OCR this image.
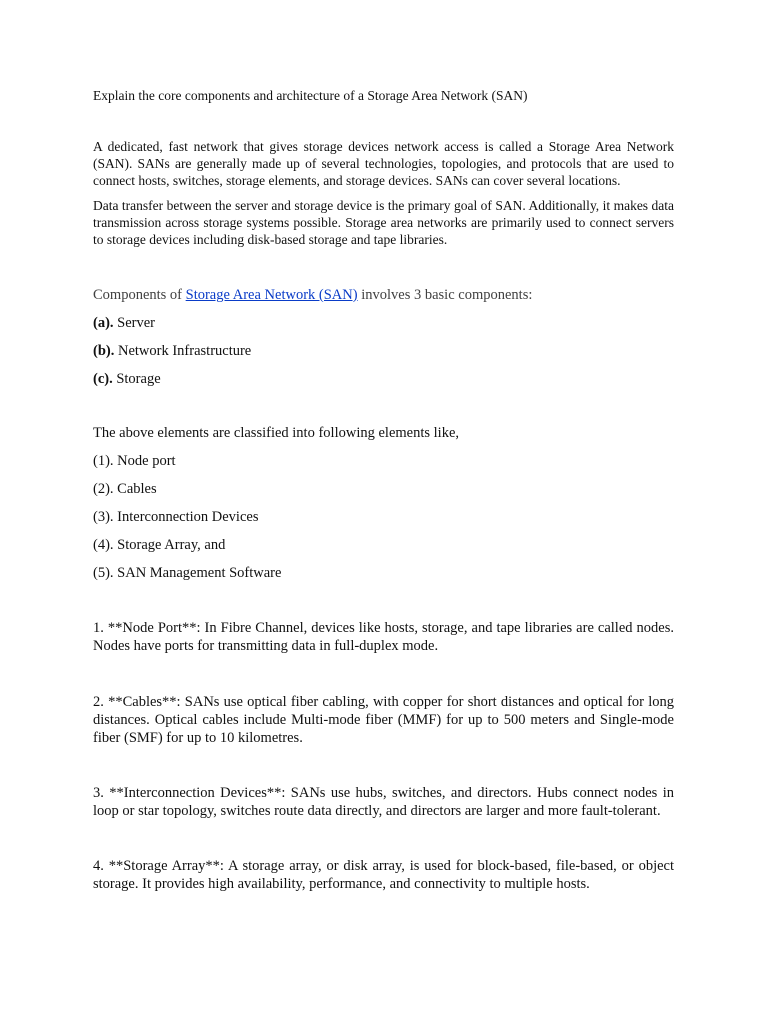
Explain the core components and architecture of a Storage Area Network (SAN)

A dedicated, fast network that gives storage devices network access is called a Storage Area Network (SAN). SANs are generally made up of several technologies, topologies, and protocols that are used to connect hosts, switches, storage elements, and storage devices. SANs can cover several locations.

Data transfer between the server and storage device is the primary goal of SAN. Additionally, it makes data transmission across storage systems possible. Storage area networks are primarily used to connect servers to storage devices including disk-based storage and tape libraries.

Components of Storage Area Network (SAN) involves 3 basic components:
(a). Server
(b). Network Infrastructure
(c). Storage
The above elements are classified into following elements like,
(1). Node port
(2). Cables
(3). Interconnection Devices
(4). Storage Array, and
(5). SAN Management Software

1. **Node Port**: In Fibre Channel, devices like hosts, storage, and tape libraries are called nodes. Nodes have ports for transmitting data in full-duplex mode.

2. **Cables**: SANs use optical fiber cabling, with copper for short distances and optical for long distances. Optical cables include Multi-mode fiber (MMF) for up to 500 meters and Single-mode fiber (SMF) for up to 10 kilometres.

3. **Interconnection Devices**: SANs use hubs, switches, and directors. Hubs connect nodes in loop or star topology, switches route data directly, and directors are larger and more fault-tolerant.

4. **Storage Array**: A storage array, or disk array, is used for block-based, file-based, or object storage. It provides high availability, performance, and connectivity to multiple hosts.
